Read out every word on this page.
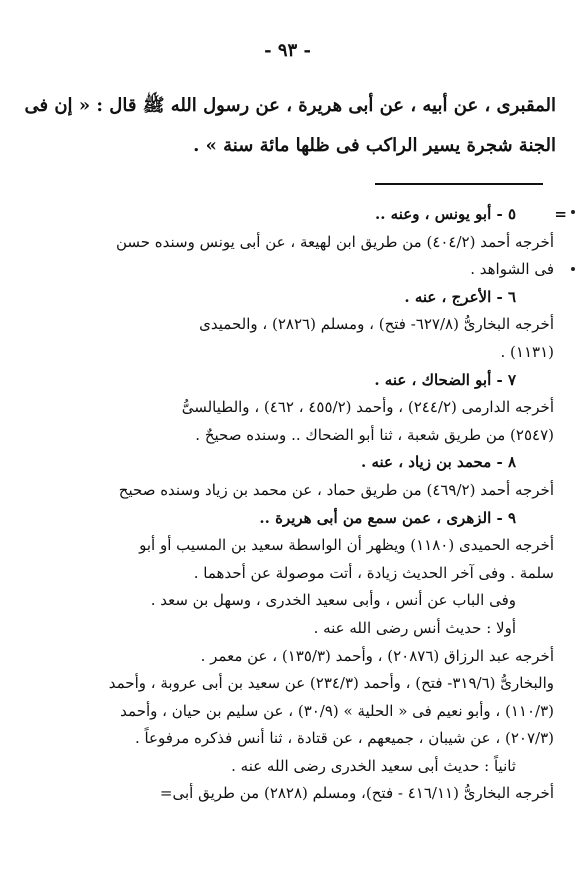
- ٩٣ -

المقبرى ، عن أبيه ، عن أبى هريرة ، عن رسول الله ﷺ قال : « إن فى

الجنة شجرة يسير الراكب فى ظلها مائة سنة » .

=

٥ - أبو يونس ، وعنه ..

أخرجه أحمد (٤٠٤/٢) من طريق ابن لهيعة ، عن أبى يونس وسنده حسن

فى الشواهد .

٦ - الأعرج ، عنه .

أخرجه البخارىُّ (٦٢٧/٨- فتح) ، ومسلم (٢٨٢٦) ، والحميدى

(١١٣١) .

٧ - أبو الضحاك ، عنه .

أخرجه الدارمى (٢٤٤/٢) ، وأحمد (٤٥٥/٢ ، ٤٦٢) ، والطيالسىُّ

(٢٥٤٧) من طريق شعبة ، ثنا أبو الضحاك .. وسنده صحيحٌ .

٨ - محمد بن زياد ، عنه .

أخرجه أحمد (٤٦٩/٢) من طريق حماد ، عن محمد بن زياد وسنده صحيح

٩ - الزهرى ، عمن سمع من أبى هريرة ..

أخرجه الحميدى (١١٨٠) ويظهر أن الواسطة سعيد بن المسيب أو أبو

سلمة . وفى آخر الحديث زيادة ، أتت موصولة عن أحدهما .

وفى الباب عن أنس ، وأبى سعيد الخدرى ، وسهل بن سعد .

أولا : حديث أنس رضى الله عنه .

أخرجه عبد الرزاق (٢٠٨٧٦) ، وأحمد (١٣٥/٣) ، عن معمر .

والبخارىُّ (٣١٩/٦- فتح) ، وأحمد (٢٣٤/٣) عن سعيد بن أبى عروبة ، وأحمد

(١١٠/٣) ، وأبو نعيم فى « الحلية » (٣٠/٩) ، عن سليم بن حيان ، وأحمد

(٢٠٧/٣) ، عن شيبان ، جميعهم ، عن قتادة ، ثنا أنس فذكره مرفوعاً .

ثانياً : حديث أبى سعيد الخدرى رضى الله عنه .

أخرجه البخارىُّ (٤١٦/١١ - فتح)، ومسلم (٢٨٢٨) من طريق أبى=
